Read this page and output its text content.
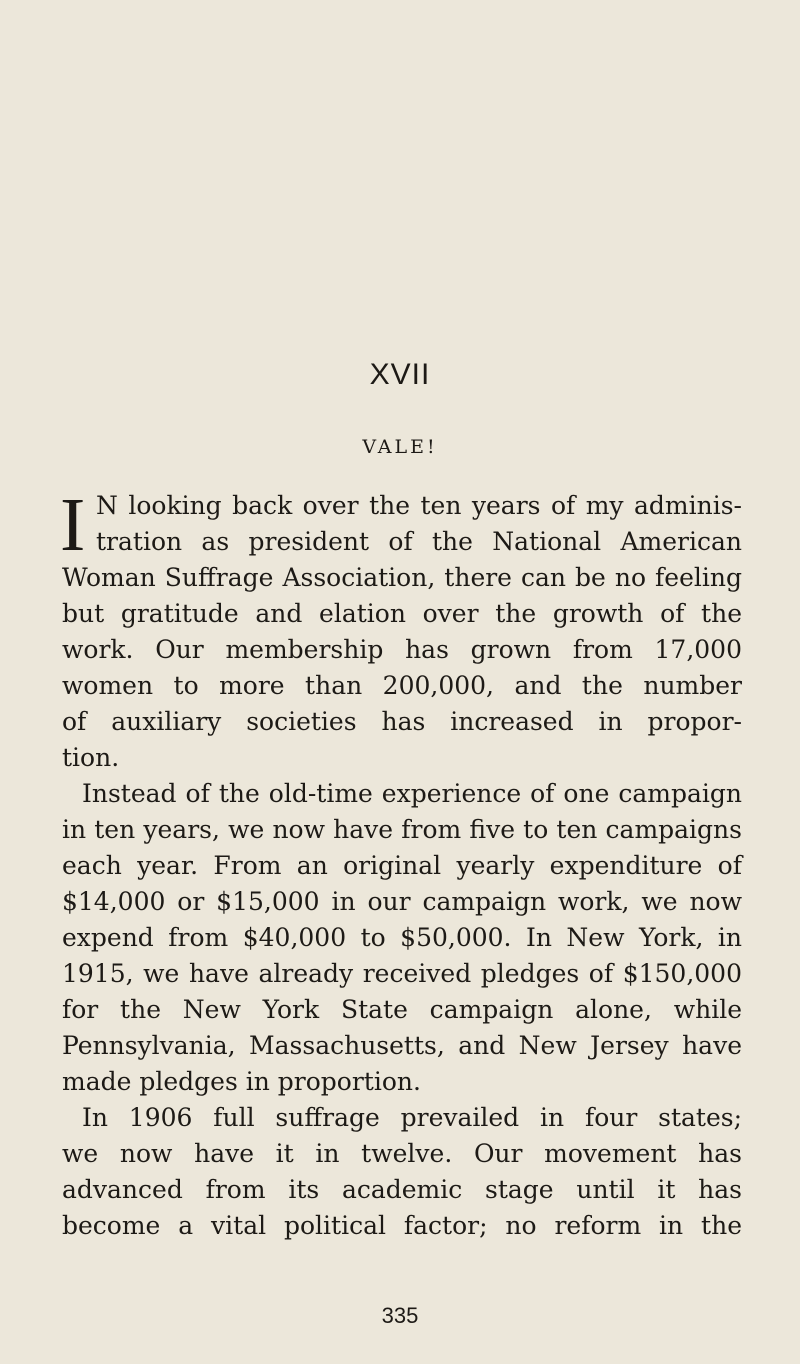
XVII
VALE!
I N looking back over the ten years of my adminis-
tration as president of the National American
Woman Suffrage Association, there can be no feeling
but gratitude and elation over the growth of the
work. Our membership has grown from 17,000
women to more than 200,000, and the number
of auxiliary societies has increased in propor-
tion.
Instead of the old-time experience of one campaign
in ten years, we now have from five to ten campaigns
each year. From an original yearly expenditure of
$14,000 or $15,000 in our campaign work, we now
expend from $40,000 to $50,000. In New York, in
1915, we have already received pledges of $150,000
for the New York State campaign alone, while
Pennsylvania, Massachusetts, and New Jersey have
made pledges in proportion.
In 1906 full suffrage prevailed in four states;
we now have it in twelve. Our movement has
advanced from its academic stage until it has
become a vital political factor; no reform in the
335
